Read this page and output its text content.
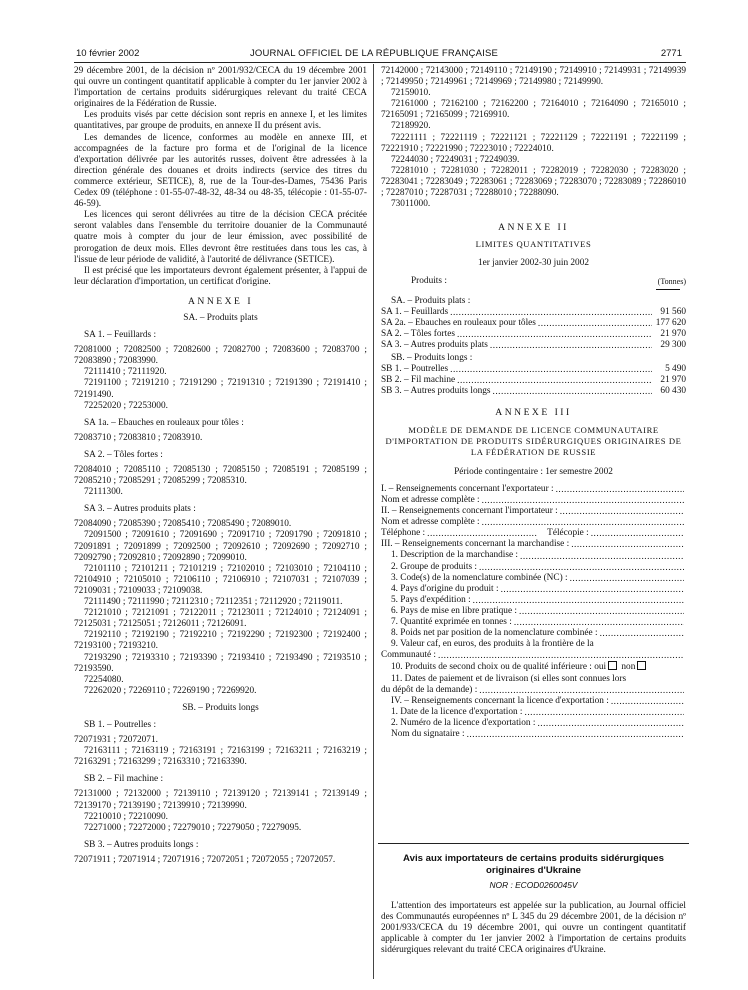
10 février 2002	JOURNAL OFFICIEL DE LA RÉPUBLIQUE FRANÇAISE	2771

29 décembre 2001, de la décision nº 2001/932/CECA du 19 décembre 2001 qui ouvre un contingent quantitatif applicable à compter du 1er janvier 2002 à l'importation de certains produits sidérurgiques relevant du traité CECA originaires de la Fédération de Russie.

Les produits visés par cette décision sont repris en annexe I, et les limites quantitatives, par groupe de produits, en annexe II du présent avis.

Les demandes de licence, conformes au modèle en annexe III, et accompagnées de la facture pro forma et de l'original de la licence d'exportation délivrée par les autorités russes, doivent être adressées à la direction générale des douanes et droits indirects (service des titres du commerce extérieur, SETICE), 8, rue de la Tour-des-Dames, 75436 Paris Cedex 09 (téléphone : 01-55-07-48-32, 48-34 ou 48-35, télécopie : 01-55-07-46-59).

Les licences qui seront délivrées au titre de la décision CECA précitée seront valables dans l'ensemble du territoire douanier de la Communauté quatre mois à compter du jour de leur émission, avec possibilité de prorogation de deux mois. Elles devront être restituées dans tous les cas, à l'issue de leur période de validité, à l'autorité de délivrance (SETICE).

Il est précisé que les importateurs devront également présenter, à l'appui de leur déclaration d'importation, un certificat d'origine.

ANNEXE I

SA. – Produits plats

SA 1. – Feuillards :

72081000 ; 72082500 ; 72082600 ; 72082700 ; 72083600 ; 72083700 ; 72083890 ; 72083990.

72111410 ; 72111920.

72191100 ; 72191210 ; 72191290 ; 72191310 ; 72191390 ; 72191410 ; 72191490.

72252020 ; 72253000.

SA 1a. – Ebauches en rouleaux pour tôles :

72083710 ; 72083810 ; 72083910.

SA 2. – Tôles fortes :

72084010 ; 72085110 ; 72085130 ; 72085150 ; 72085191 ; 72085199 ; 72085210 ; 72085291 ; 72085299 ; 72085310.

72111300.

SA 3. – Autres produits plats :

72084090 ; 72085390 ; 72085410 ; 72085490 ; 72089010.

72091500 ; 72091610 ; 72091690 ; 72091710 ; 72091790 ; 72091810 ; 72091891 ; 72091899 ; 72092500 ; 72092610 ; 72092690 ; 72092710 ; 72092790 ; 72092810 ; 72092890 ; 72099010.

72101110 ; 72101211 ; 72101219 ; 72102010 ; 72103010 ; 72104110 ; 72104910 ; 72105010 ; 72106110 ; 72106910 ; 72107031 ; 72107039 ; 72109031 ; 72109033 ; 72109038.

72111490 ; 72111990 ; 72112310 ; 72112351 ; 72112920 ; 72119011.

72121010 ; 72121091 ; 72122011 ; 72123011 ; 72124010 ; 72124091 ; 72125031 ; 72125051 ; 72126011 ; 72126091.

72192110 ; 72192190 ; 72192210 ; 72192290 ; 72192300 ; 72192400 ; 72193100 ; 72193210.

72193290 ; 72193310 ; 72193390 ; 72193410 ; 72193490 ; 72193510 ; 72193590.

72254080.

72262020 ; 72269110 ; 72269190 ; 72269920.

SB. – Produits longs

SB 1. – Poutrelles :

72071931 ; 72072071.

72163111 ; 72163119 ; 72163191 ; 72163199 ; 72163211 ; 72163219 ; 72163291 ; 72163299 ; 72163310 ; 72163390.

SB 2. – Fil machine :

72131000 ; 72132000 ; 72139110 ; 72139120 ; 72139141 ; 72139149 ; 72139170 ; 72139190 ; 72139910 ; 72139990.

72210010 ; 72210090.

72271000 ; 72272000 ; 72279010 ; 72279050 ; 72279095.

SB 3. – Autres produits longs :

72071911 ; 72071914 ; 72071916 ; 72072051 ; 72072055 ; 72072057.

72142000 ; 72143000 ; 72149110 ; 72149190 ; 72149910 ; 72149931 ; 72149939 ; 72149950 ; 72149961 ; 72149969 ; 72149980 ; 72149990.

72159010.

72161000 ; 72162100 ; 72162200 ; 72164010 ; 72164090 ; 72165010 ; 72165091 ; 72165099 ; 72169910.

72189920.

72221111 ; 72221119 ; 72221121 ; 72221129 ; 72221191 ; 72221199 ; 72221910 ; 72221990 ; 72223010 ; 72224010.

72244030 ; 72249031 ; 72249039.

72281010 ; 72281030 ; 72282011 ; 72282019 ; 72282030 ; 72283020 ; 72283041 ; 72283049 ; 72283061 ; 72283069 ; 72283070 ; 72283089 ; 72286010 ; 72287010 ; 72287031 ; 72288010 ; 72288090.

73011000.

ANNEXE II

LIMITES QUANTITATIVES

1er janvier 2002-30 juin 2002

Produits :	(Tonnes)

SA. – Produits plats :

SA 1. – Feuillards .....	91 560

SA 2a. – Ebauches en rouleaux pour tôles .....	177 620

SA 2. – Tôles fortes .....	21 970

SA 3. – Autres produits plats .....	29 300

SB. – Produits longs :

SB 1. – Poutrelles .....	5 490

SB 2. – Fil machine .....	21 970

SB 3. – Autres produits longs .....	60 430

ANNEXE III

MODÈLE DE DEMANDE DE LICENCE COMMUNAUTAIRE D'IMPORTATION DE PRODUITS SIDÉRURGIQUES ORIGINAIRES DE LA FÉDÉRATION DE RUSSIE

Période contingentaire : 1er semestre 2002

I. – Renseignements concernant l'exportateur :
.....

Nom et adresse complète :
.....

II. – Renseignements concernant l'importateur :
.....

Nom et adresse complète :
.....

Téléphone : .....	Télécopie :
.....

III. – Renseignements concernant la marchandise :
.....

1. Description de la marchandise :
.....

2. Groupe de produits :
.....

3. Code(s) de la nomenclature combinée (NC) :
.....

4. Pays d'origine du produit :
.....

5. Pays d'expédition :
.....

6. Pays de mise en libre pratique :
.....

7. Quantité exprimée en tonnes :
.....

8. Poids net par position de la nomenclature combinée :
.....

9. Valeur caf, en euros, des produits à la frontière de la

Communauté :
.....

10. Produits de second choix ou de qualité inférieure : oui non

11. Dates de paiement et de livraison (si elles sont connues lors

du dépôt de la demande) :
.....

IV. – Renseignements concernant la licence d'exportation :
.....

1. Date de la licence d'exportation :
.....

2. Numéro de la licence d'exportation :
.....

Nom du signataire :
.....

Avis aux importateurs de certains produits sidérurgiques originaires d'Ukraine

NOR : ECOD0260045V

L'attention des importateurs est appelée sur la publication, au Journal officiel des Communautés européennes nº L 345 du 29 décembre 2001, de la décision nº 2001/933/CECA du 19 décembre 2001, qui ouvre un contingent quantitatif applicable à compter du 1er janvier 2002 à l'importation de certains produits sidérurgiques relevant du traité CECA originaires d'Ukraine.
